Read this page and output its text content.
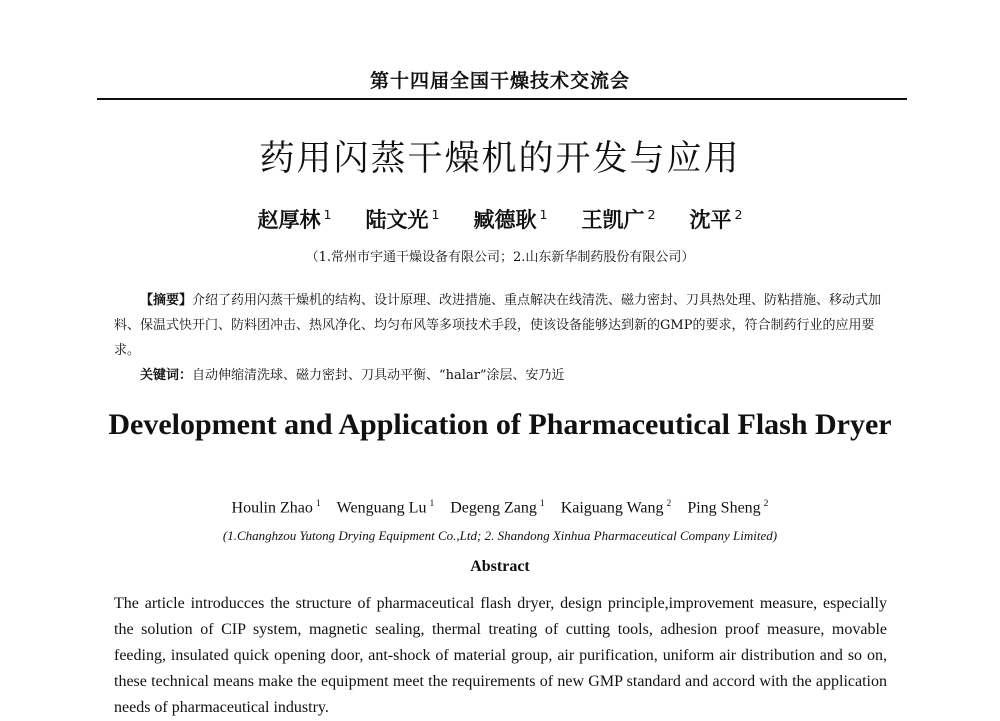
第十四届全国干燥技术交流会
药用闪蒸干燥机的开发与应用
赵厚林 $^1$ 陆文光 $^1$ 臧德耿 $^1$ 王凯广 $^2$ 沈平 $^2$
（1.常州市宇通干燥设备有限公司；2.山东新华制药股份有限公司）

【摘要】介绍了药用闪蒸干燥机的结构、设计原理、改进措施、重点解决在线清洗、磁力密封、刀具热处理、防粘措施、移动式加料、保温式快开门、防料团冲击、热风净化、均匀布风等多项技术手段，使该设备能够达到新的GMP的要求，符合制药行业的应用要求。

关键词：自动伸缩清洗球、磁力密封、刀具动平衡、“halar”涂层、安乃近
Development and Application of Pharmaceutical Flash Dryer
Houlin Zhao $^1$ Wenguang Lu $^1$ Degeng Zang $^1$ Kaiguang Wang $^2$ Ping Sheng $^2$
(1.Changhzou Yutong Drying Equipment Co.,Ltd; 2. Shandong Xinhua Pharmaceutical Company Limited)
Abstract

The article introducces the structure of pharmaceutical flash dryer, design principle,improvement measure, especially the solution of CIP system, magnetic sealing, thermal treating of cutting tools, adhesion proof measure, movable feeding, insulated quick opening door, ant-shock of material group, air purification, uniform air distribution and so on, these technical means make the equipment meet the requirements of new GMP standard and accord with the application needs of pharmaceutical industry.
